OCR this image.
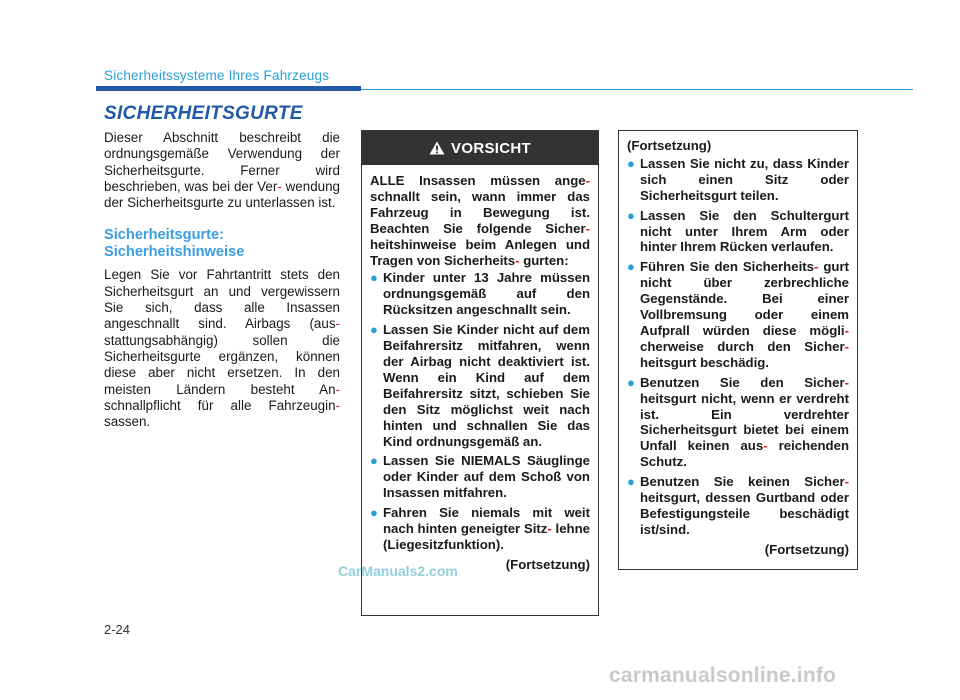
Sicherheitssysteme Ihres Fahrzeugs
SICHERHEITSGURTE

Dieser Abschnitt beschreibt die ordnungsgemäße Verwendung der Sicherheitsgurte. Ferner wird beschrieben, was bei der Ver- wendung der Sicherheitsgurte zu unterlassen ist.

Sicherheitsgurte: Sicherheitshinweise

Legen Sie vor Fahrtantritt stets den Sicherheitsgurt an und vergewissern Sie sich, dass alle Insassen angeschnallt sind. Airbags (aus- stattungsabhängig) sollen die Sicherheitsgurte ergänzen, können diese aber nicht ersetzen. In den meisten Ländern besteht An- schnallpflicht für alle Fahrzeugin- sassen.

VORSICHT

ALLE Insassen müssen ange- schnallt sein, wann immer das Fahrzeug in Bewegung ist. Beachten Sie folgende Sicher- heitshinweise beim Anlegen und Tragen von Sicherheits- gurten:

● Kinder unter 13 Jahre müssen ordnungsgemäß auf den Rücksitzen angeschnallt sein.
● Lassen Sie Kinder nicht auf dem Beifahrersitz mitfahren, wenn der Airbag nicht deaktiviert ist. Wenn ein Kind auf dem Beifahrersitz sitzt, schieben Sie den Sitz möglichst weit nach hinten und schnallen Sie das Kind ordnungsgemäß an.
● Lassen Sie NIEMALS Säuglinge oder Kinder auf dem Schoß von Insassen mitfahren.
● Fahren Sie niemals mit weit nach hinten geneigter Sitz- lehne (Liegesitzfunktion).

(Fortsetzung)

(Fortsetzung)

● Lassen Sie nicht zu, dass Kinder sich einen Sitz oder Sicherheitsgurt teilen.
● Lassen Sie den Schultergurt nicht unter Ihrem Arm oder hinter Ihrem Rücken verlaufen.
● Führen Sie den Sicherheits- gurt nicht über zerbrechliche Gegenstände. Bei einer Vollbremsung oder einem Aufprall würden diese mögli- cherweise durch den Sicher- heitsgurt beschädig.
● Benutzen Sie den Sicher- heitsgurt nicht, wenn er verdreht ist. Ein verdrehter Sicherheitsgurt bietet bei einem Unfall keinen aus- reichenden Schutz.
● Benutzen Sie keinen Sicher- heitsgurt, dessen Gurtband oder Befestigungsteile beschädigt ist/sind.

(Fortsetzung)

2-24
CarManuals2.com
carmanualsonline.info
